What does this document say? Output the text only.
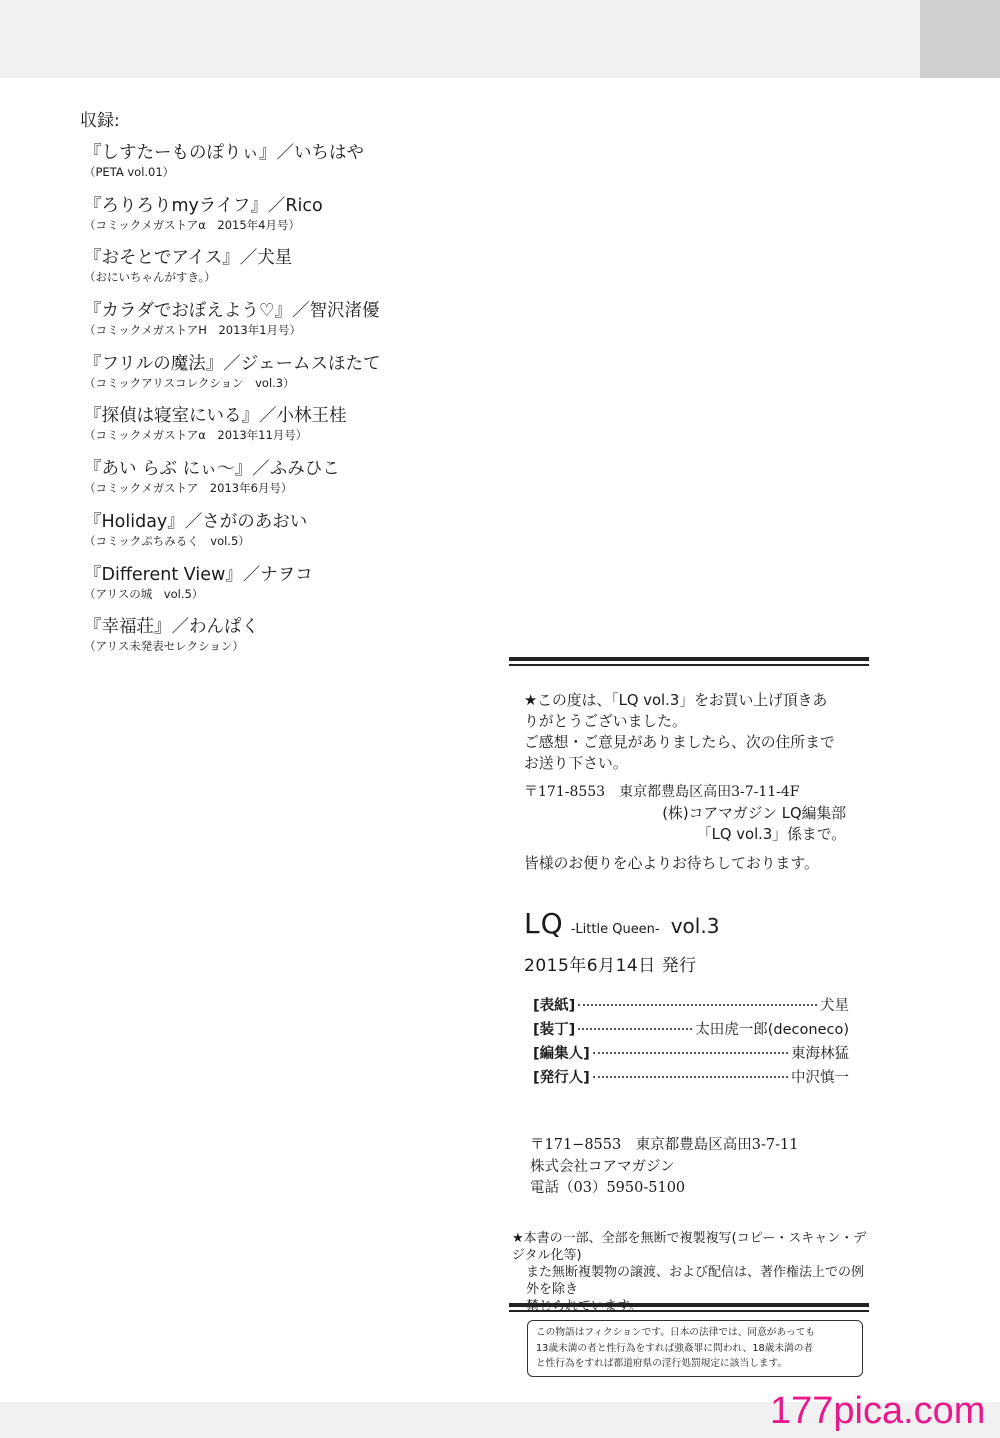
収録:
『しすたーものぽりぃ』／いちはや
（PETA vol.01）
『ろりろりmyライフ』／Rico
（コミックメガストアα　2015年4月号）
『おそとでアイス』／犬星
（おにいちゃんがすき。）
『カラダでおぼえよう♡』／智沢渚優
（コミックメガストアH　2013年1月号）
『フリルの魔法』／ジェームスほたて
（コミックアリスコレクション　vol.3）
『探偵は寝室にいる』／小林王桂
（コミックメガストアα　2013年11月号）
『あい らぶ にぃ～』／ふみひこ
（コミックメガストア　2013年6月号）
『Holiday』／さがのあおい
（コミックぷちみるく　vol.5）
『Different View』／ナヲコ
（アリスの城　vol.5）
『幸福荘』／わんぱく
（アリス未発表セレクション）

★この度は、「LQ vol.3」をお買い上げ頂きあ

りがとうございました。

ご感想・ご意見がありましたら、次の住所まで

お送り下さい。

〒171-8553　東京都豊島区高田3-7-11-4F

(株)コアマガジン LQ編集部

「LQ vol.3」係まで。

皆様のお便りを心よりお待ちしております。

LQ -Little Queen- vol.3
2015年6月14日 発行
[表紙]	犬星
[装丁]	太田虎一郎(deconeco)
[編集人]	東海林猛
[発行人]	中沢慎一

〒171−8553　東京都豊島区高田3-7-11

株式会社コアマガジン

電話（03）5950-5100

★本書の一部、全部を無断で複製複写(コピー・スキャン・デジタル化等)

また無断複製物の譲渡、および配信は、著作権法上での例外を除き

この物語はフィクションです。日本の法律では、同意があっても

13歳未満の者と性行為をすれば強姦罪に問われ、18歳未満の者

と性行為をすれば都道府県の淫行処罰規定に該当します。

177pica.com
